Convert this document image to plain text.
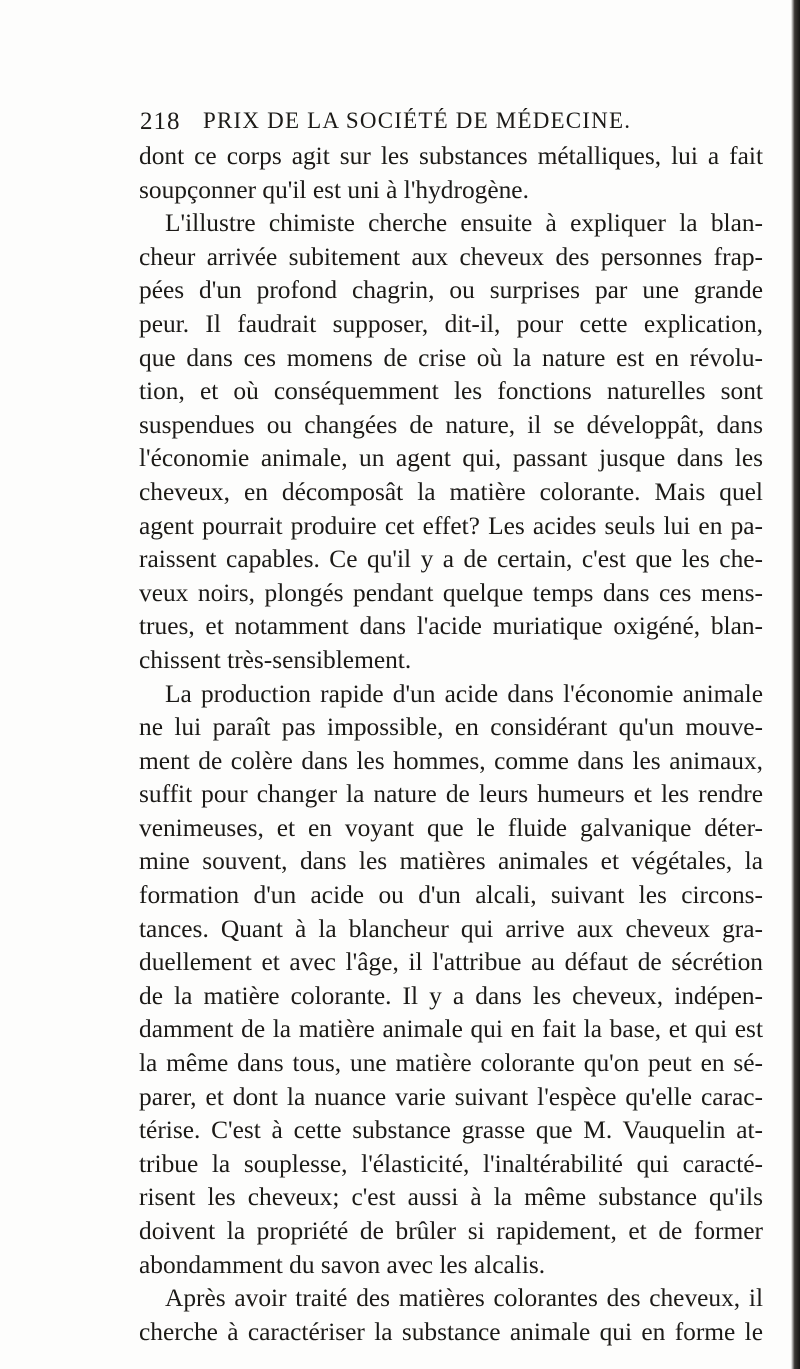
218 PRIX DE LA SOCIÉTÉ DE MÉDECINE.
dont ce corps agit sur les substances métalliques, lui a fait
soupçonner qu'il est uni à l'hydrogène.
L'illustre chimiste cherche ensuite à expliquer la blan-
cheur arrivée subitement aux cheveux des personnes frap-
pées d'un profond chagrin, ou surprises par une grande
peur. Il faudrait supposer, dit-il, pour cette explication,
que dans ces momens de crise où la nature est en révolu-
tion, et où conséquemment les fonctions naturelles sont
suspendues ou changées de nature, il se développât, dans
l'économie animale, un agent qui, passant jusque dans les
cheveux, en décomposât la matière colorante. Mais quel
agent pourrait produire cet effet? Les acides seuls lui en pa-
raissent capables. Ce qu'il y a de certain, c'est que les che-
veux noirs, plongés pendant quelque temps dans ces mens-
trues, et notamment dans l'acide muriatique oxigéné, blan-
chissent très-sensiblement.
La production rapide d'un acide dans l'économie animale
ne lui paraît pas impossible, en considérant qu'un mouve-
ment de colère dans les hommes, comme dans les animaux,
suffit pour changer la nature de leurs humeurs et les rendre
venimeuses, et en voyant que le fluide galvanique déter-
mine souvent, dans les matières animales et végétales, la
formation d'un acide ou d'un alcali, suivant les circons-
tances. Quant à la blancheur qui arrive aux cheveux gra-
duellement et avec l'âge, il l'attribue au défaut de sécrétion
de la matière colorante. Il y a dans les cheveux, indépen-
damment de la matière animale qui en fait la base, et qui est
la même dans tous, une matière colorante qu'on peut en sé-
parer, et dont la nuance varie suivant l'espèce qu'elle carac-
térise. C'est à cette substance grasse que M. Vauquelin at-
tribue la souplesse, l'élasticité, l'inaltérabilité qui caracté-
risent les cheveux; c'est aussi à la même substance qu'ils
doivent la propriété de brûler si rapidement, et de former
abondamment du savon avec les alcalis.
Après avoir traité des matières colorantes des cheveux, il
cherche à caractériser la substance animale qui en forme le
